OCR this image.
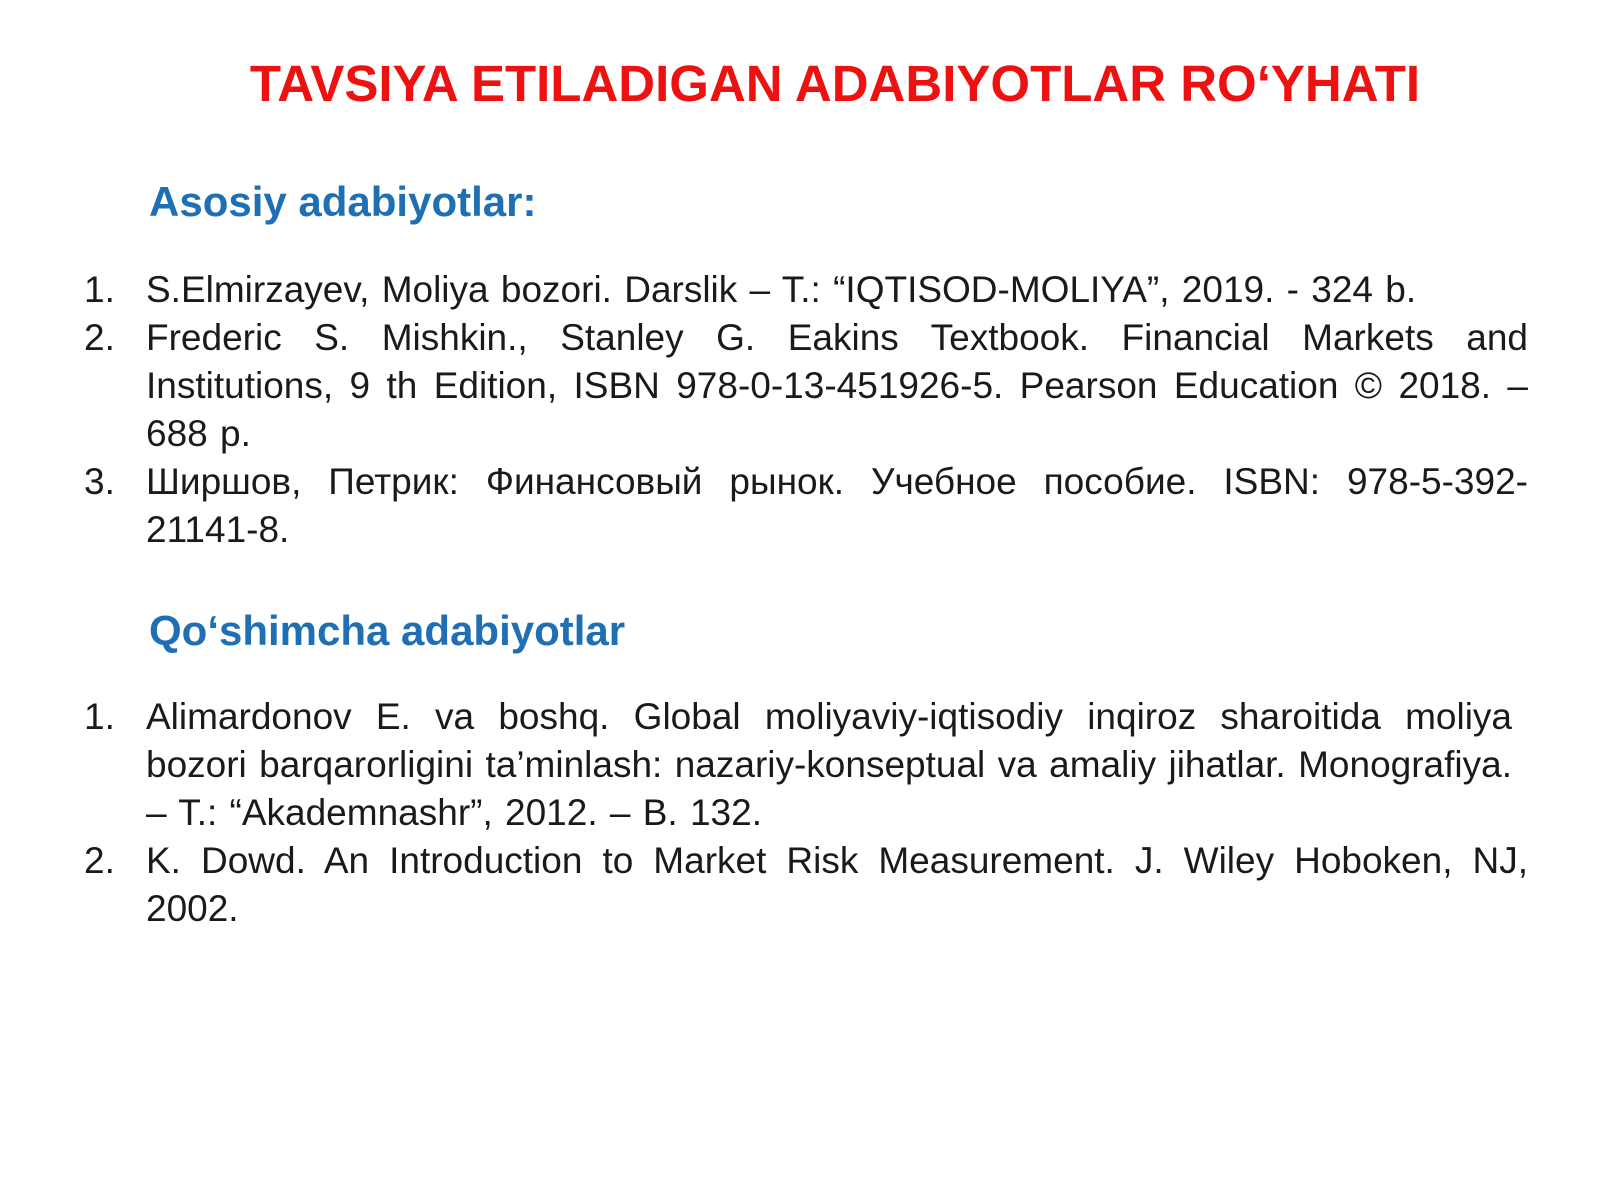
TAVSIYA ETILADIGAN ADABIYOTLAR RO‘YHATI
Asosiy adabiyotlar:
1. S.Elmirzayev, Moliya bozori. Darslik – T.: “IQTISOD-MOLIYA”, 2019. - 324 b.
2. Frederic S. Mishkin., Stanley G. Eakins Textbook. Financial Markets and Institutions, 9 th Edition, ISBN 978-0-13-451926-5. Pearson Education © 2018. – 688 p.
3. Ширшов, Петрик: Финансовый рынок. Учебное пособие. ISBN: 978-5-392-21141-8.
Qo‘shimcha adabiyotlar
1. Alimardonov E. va boshq. Global moliyaviy-iqtisodiy inqiroz sharoitida moliya bozori barqarorligini ta’minlash: nazariy-konseptual va amaliy jihatlar. Monografiya. – T.: “Akademnashr”, 2012. – B. 132.
2. K. Dowd. An Introduction to Market Risk Measurement. J. Wiley Hoboken, NJ, 2002.
